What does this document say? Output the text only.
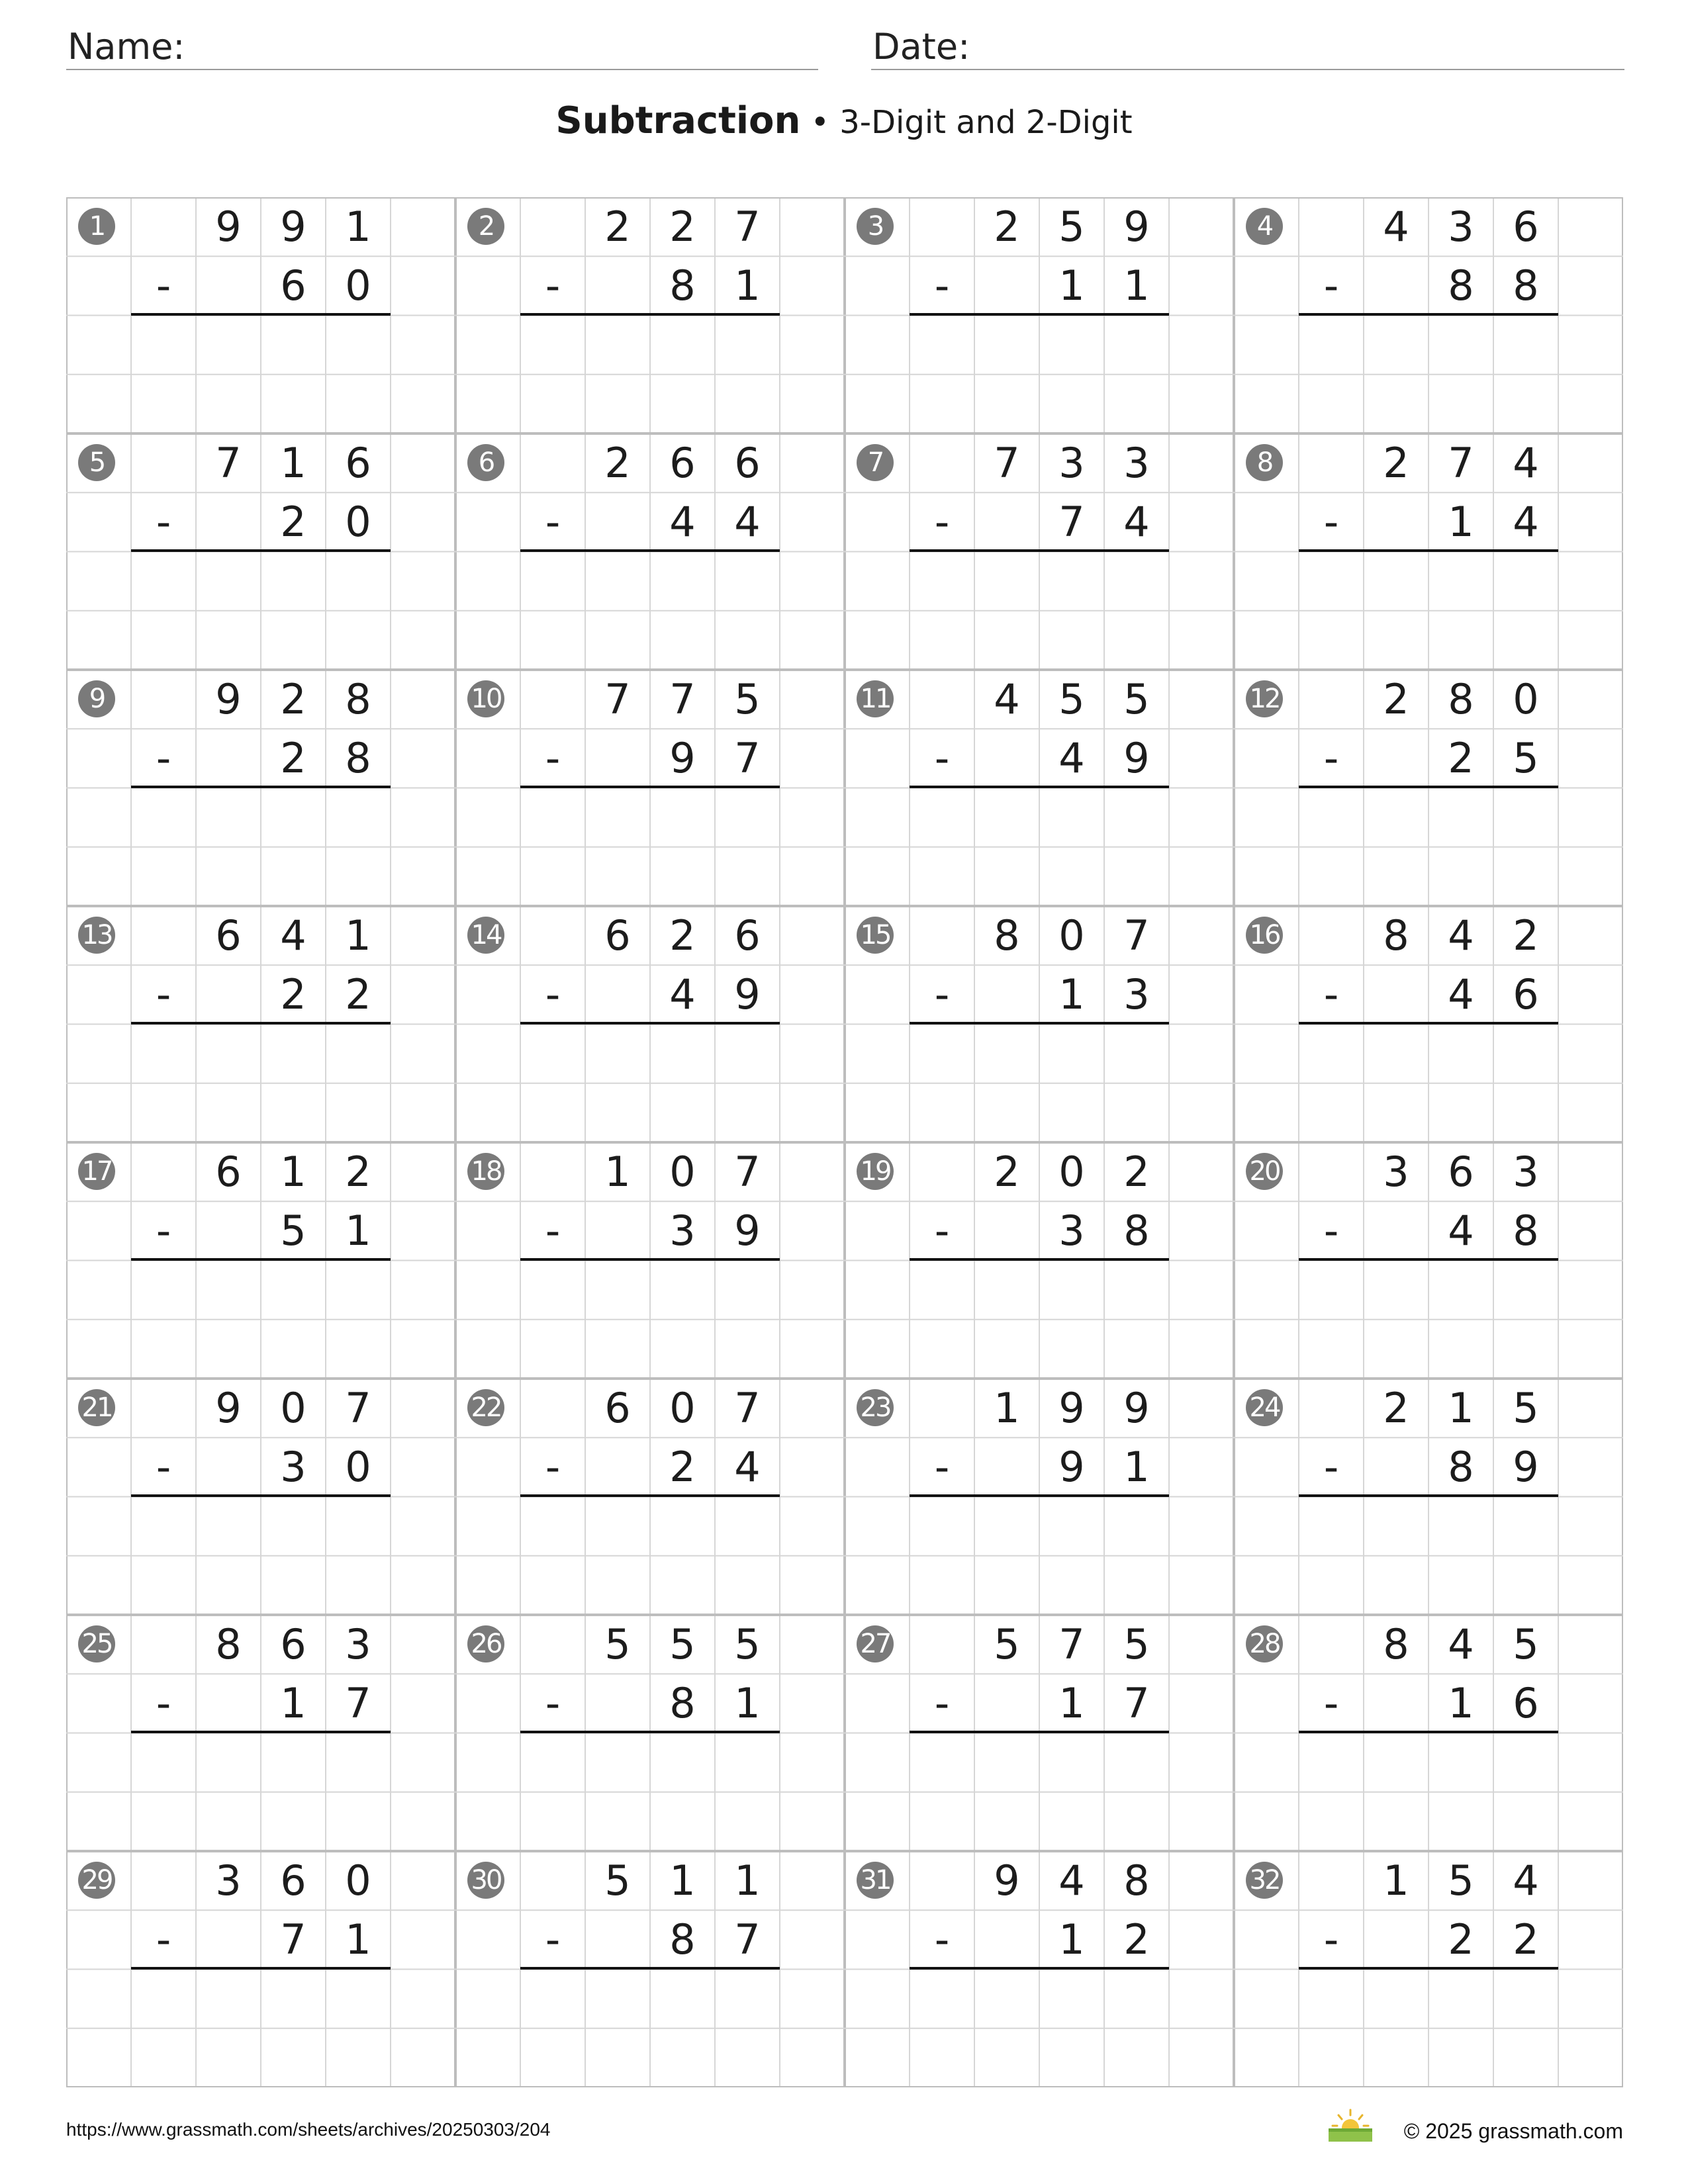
Name:	Date:
Subtraction • 3-Digit and 2-Digit
1	9 9 1
-	6 0
2	2 2 7
-	8 1
3	2 5 9
-	1 1
4	4 3 6
-	8 8
5	7 1 6
-	2 0
6	2 6 6
-	4 4
7	7 3 3
-	7 4
8	2 7 4
-	1 4
9	9 2 8
-	2 8
10	7 7 5
-	9 7
11	4 5 5
-	4 9
12	2 8 0
-	2 5
13	6 4 1
-	2 2
14	6 2 6
-	4 9
15	8 0 7
-	1 3
16	8 4 2
-	4 6
17	6 1 2
-	5 1
18	1 0 7
-	3 9
19	2 0 2
-	3 8
20	3 6 3
-	4 8
21	9 0 7
-	3 0
22	6 0 7
-	2 4
23	1 9 9
-	9 1
24	2 1 5
-	8 9
25	8 6 3
-	1 7
26	5 5 5
-	8 1
27	5 7 5
-	1 7
28	8 4 5
-	1 6
29	3 6 0
-	7 1
30	5 1 1
-	8 7
31	9 4 8
-	1 2
32	1 5 4
-	2 2
https://www.grassmath.com/sheets/archives/20250303/204	© 2025 grassmath.com
